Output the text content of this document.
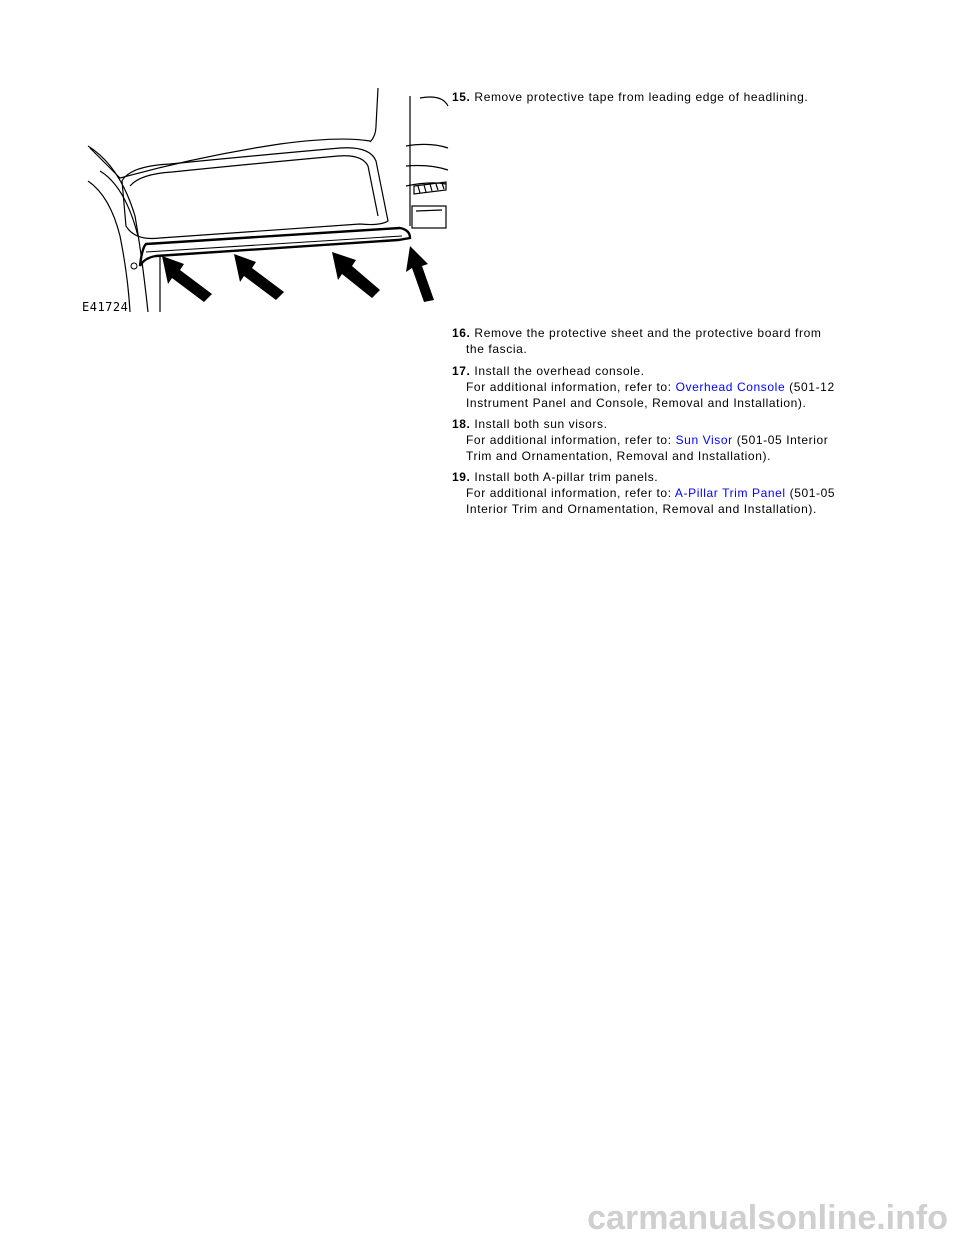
E41724
15. Remove protective tape from leading edge of headlining.
16. Remove the protective sheet and the protective board from
the fascia.
17. Install the overhead console.
For additional information, refer to: Overhead Console (501-12
Instrument Panel and Console, Removal and Installation).
18. Install both sun visors.
For additional information, refer to: Sun Visor (501-05 Interior
Trim and Ornamentation, Removal and Installation).
19. Install both A-pillar trim panels.
For additional information, refer to: A-Pillar Trim Panel (501-05
Interior Trim and Ornamentation, Removal and Installation).
carmanualsonline.info
